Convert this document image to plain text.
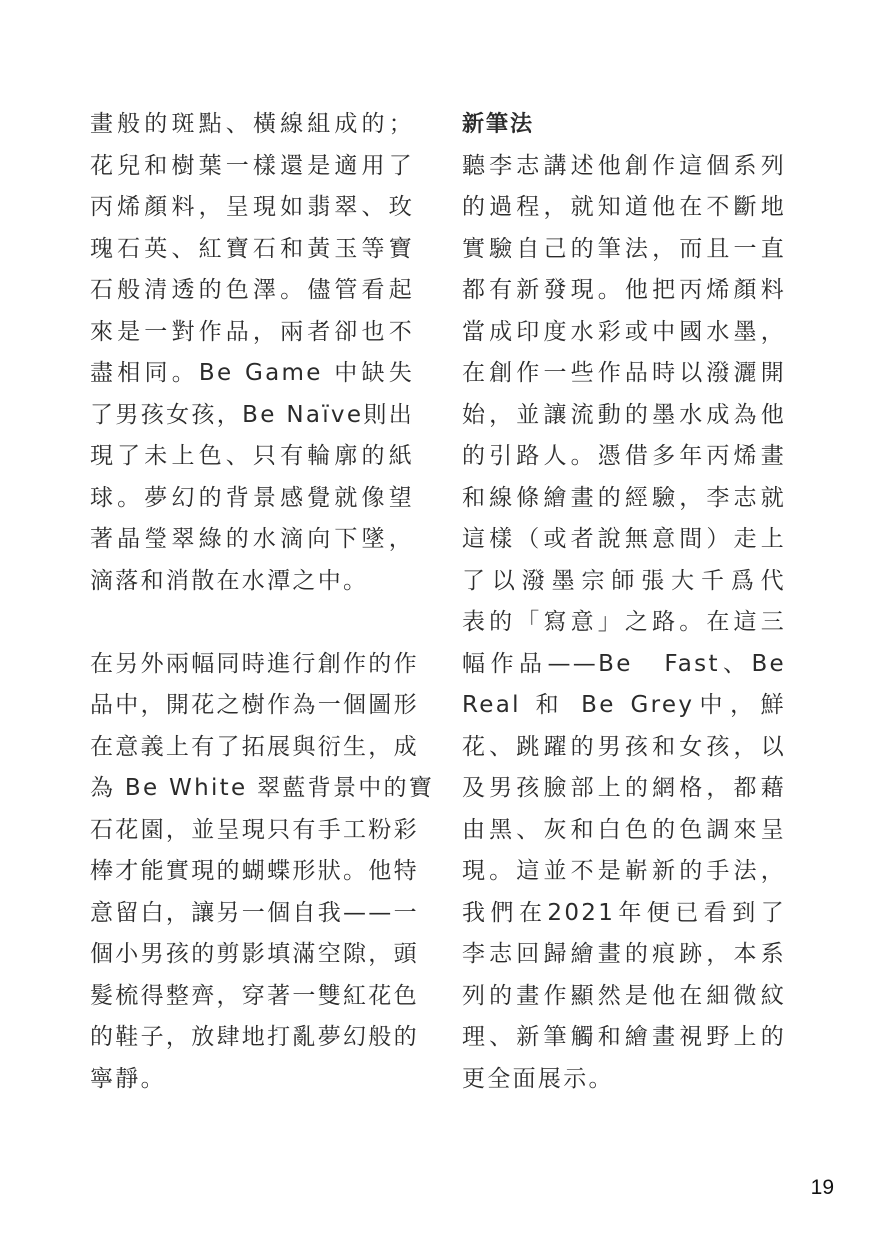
畫般的斑點、橫線組成的；
花兒和樹葉一樣還是適用了
丙烯顏料，呈現如翡翠、玫
瑰石英、紅寶石和黃玉等寶
石般清透的色澤。儘管看起
來是一對作品，兩者卻也不
盡相同。Be Game 中缺失
了男孩女孩，Be Naïve則出
現了未上色、只有輪廓的紙
球。夢幻的背景感覺就像望
著晶瑩翠綠的水滴向下墜，
滴落和消散在水潭之中。
在另外兩幅同時進行創作的作
品中，開花之樹作為一個圖形
在意義上有了拓展與衍生，成
為 Be White 翠藍背景中的寶
石花園，並呈現只有手工粉彩
棒才能實現的蝴蝶形狀。他特
意留白，讓另一個自我——一
個小男孩的剪影填滿空隙，頭
髮梳得整齊，穿著一雙紅花色
的鞋子，放肆地打亂夢幻般的
寧靜。
新筆法
聽李志講述他創作這個系列
的過程，就知道他在不斷地
實驗自己的筆法，而且一直
都有新發現。他把丙烯顏料
當成印度水彩或中國水墨，
在創作一些作品時以潑灑開
始，並讓流動的墨水成為他
的引路人。憑借多年丙烯畫
和線條繪畫的經驗，李志就
這樣（或者說無意間）走上
了以潑墨宗師張大千爲代
表的「寫意」之路。在這三
幅作品——Be　Fast、Be
Real 和 Be Grey中，鮮
花、跳躍的男孩和女孩，以
及男孩臉部上的網格，都藉
由黑、灰和白色的色調來呈
現。這並不是嶄新的手法，
我們在2021年便已看到了
李志回歸繪畫的痕跡，本系
列的畫作顯然是他在細微紋
理、新筆觸和繪畫視野上的
更全面展示。
19
